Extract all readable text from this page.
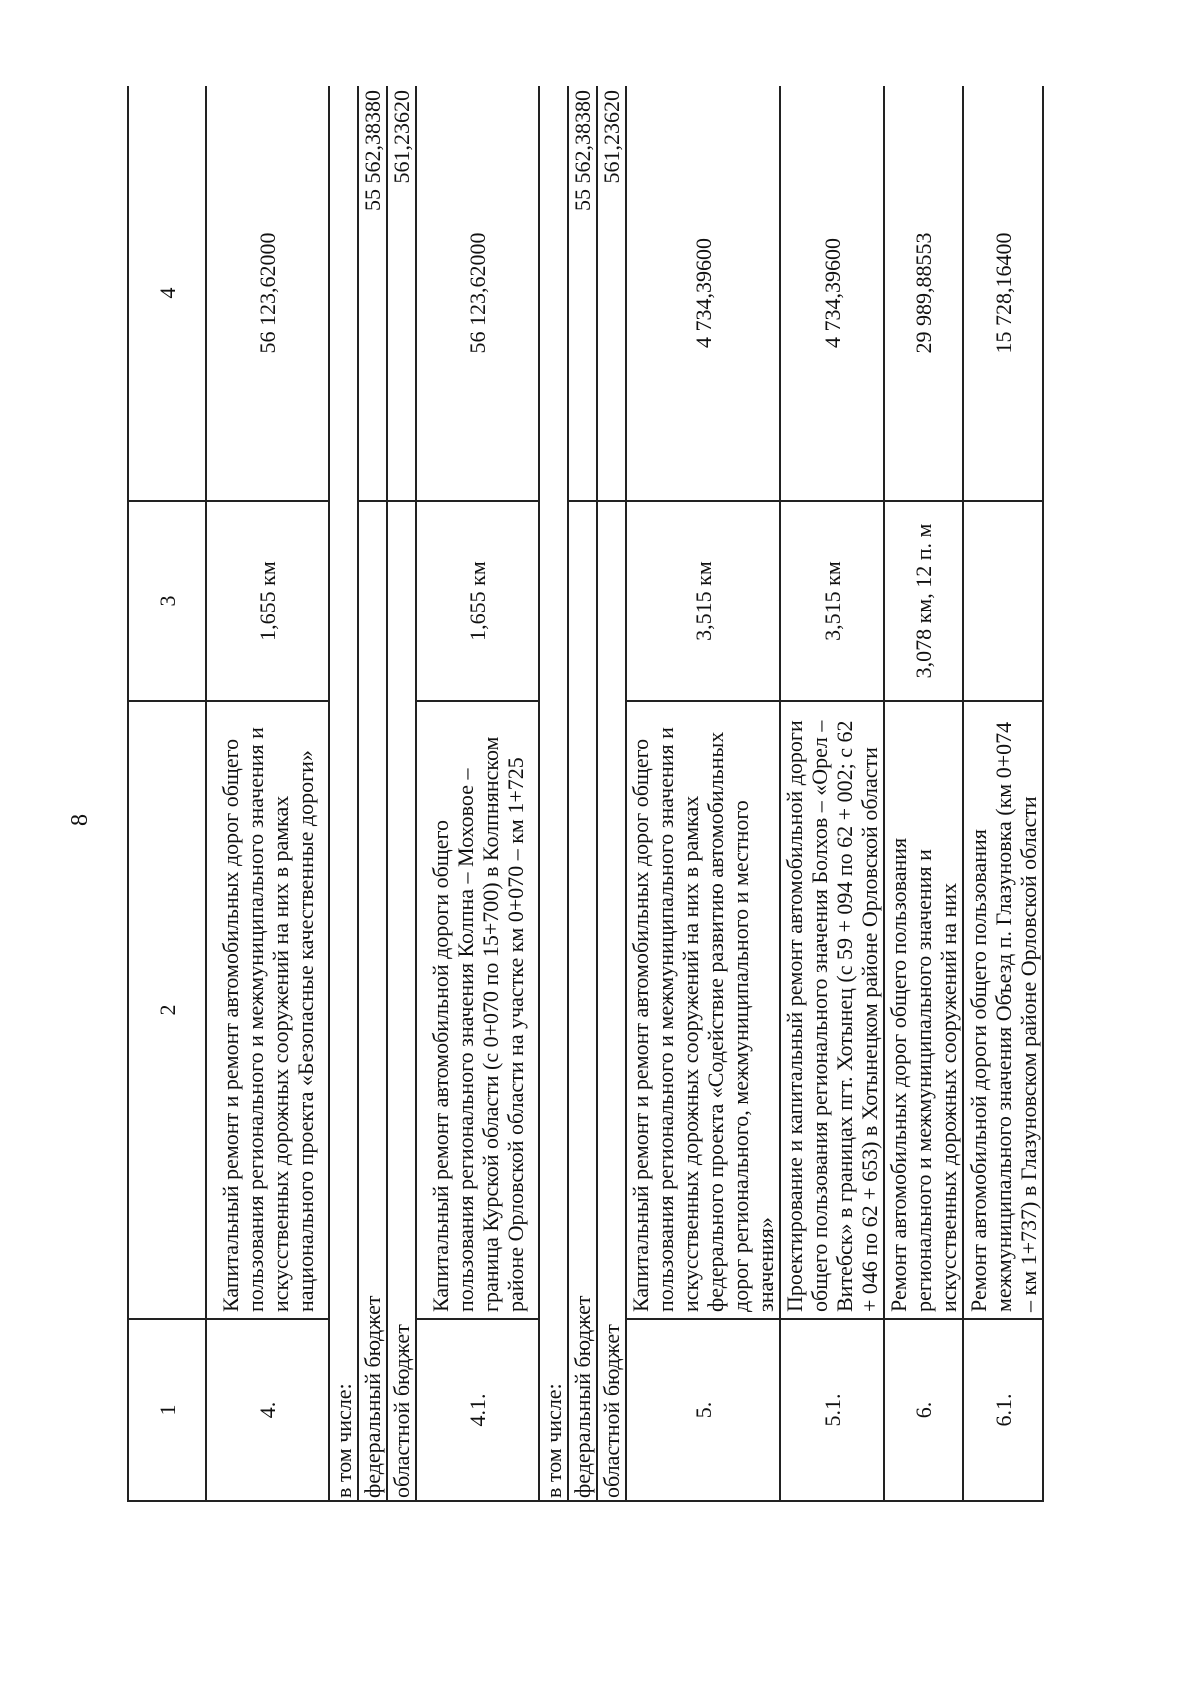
8
1	2	3	4
4.	Капитальный ремонт и ремонт автомобильных дорог общего пользования регионального и межмуниципального значения и искусственных дорожных сооружений на них в рамках национального проекта «Безопасные качественные дороги»	1,655 км	56 123,62000
в том числе:			
федеральный бюджет			55 562,38380
областной бюджет			561,23620
4.1.	Капитальный ремонт автомобильной дороги общего пользования регионального значения Колпна – Моховое – граница Курской области (с 0+070 по 15+700) в Колпнянском районе Орловской области на участке км 0+070 – км 1+725	1,655 км	56 123,62000
в том числе:			
федеральный бюджет			55 562,38380
областной бюджет			561,23620
5.	Капитальный ремонт и ремонт автомобильных дорог общего пользования регионального и межмуниципального значения и искусственных дорожных сооружений на них в рамках федерального проекта «Содействие развитию автомобильных дорог регионального, межмуниципального и местного значения»	3,515 км	4 734,39600
5.1.	Проектирование и капитальный ремонт автомобильной дороги общего пользования регионального значения Болхов – «Орел – Витебск» в границах пгт. Хотынец (с 59 + 094 по 62 + 002; с 62 + 046 по 62 + 653) в Хотынецком районе Орловской области	3,515 км	4 734,39600
6.	Ремонт автомобильных дорог общего пользования регионального и межмуниципального значения и искусственных дорожных сооружений на них	3,078 км, 12 п. м	29 989,88553
6.1.	Ремонт автомобильной дороги общего пользования межмуниципального значения Объезд п. Глазуновка (км 0+074 – км 1+737) в Глазуновском районе Орловской области		15 728,16400
